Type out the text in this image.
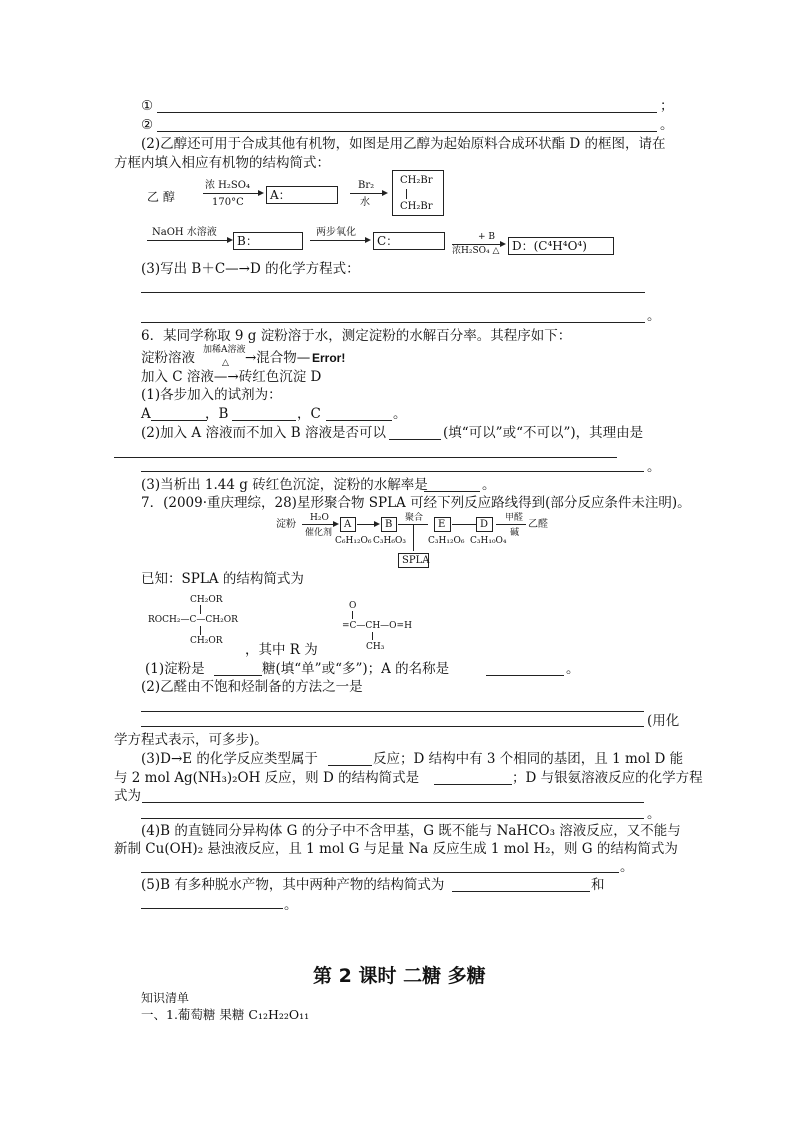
①	；
②	。
(2)乙醇还可用于合成其他有机物，如图是用乙醇为起始原料合成环状酯 D 的框图，请在
方框内填入相应有机物的结构简式：
乙 醇
浓 H₂SO₄
170°C
A：
Br₂
水
CH₂Br
CH₂Br
NaOH 水溶液
B：
两步氧化
C：	+ B
浓H₂SO₄ △	D：(C⁴H⁴O⁴)
(3)写出 B＋C—→D 的化学方程式：
。
6．某同学称取 9 g 淀粉溶于水，测定淀粉的水解百分率。其程序如下：
淀粉溶液 加稀A溶液
△ →混合物— Error!
加入 C 溶液—→砖红色沉淀 D
(1)各步加入的试剂为：
A	，B	，C	。
(2)加入 A 溶液而不加入 B 溶液是否可以	(填“可以”或“不可以”)，其理由是
。
(3)当析出 1.44 g 砖红色沉淀，淀粉的水解率是	。
7．(2009·重庆理综，28)星形聚合物 SPLA 可经下列反应路线得到(部分反应条件未注明)。
淀粉
H₂O
催化剂
A
C₆H₁₂O₆
B
C₃H₆O₃
聚合
SPLA
E
C₃H₁₂O₆
D
C₃H₁₀O₄
甲醛
碱
乙醛
已知：SPLA 的结构简式为
CH₂OR
ROCH₂—C—CH₂OR
CH₂OR
O
=C—CH—O=H
CH₃
，其中 R 为
(1)淀粉是	糖(填“单”或“多”)；A 的名称是	。
(2)乙醛由不饱和烃制备的方法之一是
(用化
学方程式表示，可多步)。
(3)D→E 的化学反应类型属于	反应；D 结构中有 3 个相同的基团，且 1 mol D 能
与 2 mol Ag(NH₃)₂OH 反应，则 D 的结构简式是	；D 与银氨溶液反应的化学方程
式为
。
(4)B 的直链同分异构体 G 的分子中不含甲基，G 既不能与 NaHCO₃ 溶液反应，又不能与
新制 Cu(OH)₂ 悬浊液反应，且 1 mol G 与足量 Na 反应生成 1 mol H₂，则 G 的结构简式为
。
(5)B 有多种脱水产物，其中两种产物的结构简式为	和
。
第 2 课时 二糖 多糖
知识清单
一、1.葡萄糖 果糖 C₁₂H₂₂O₁₁
